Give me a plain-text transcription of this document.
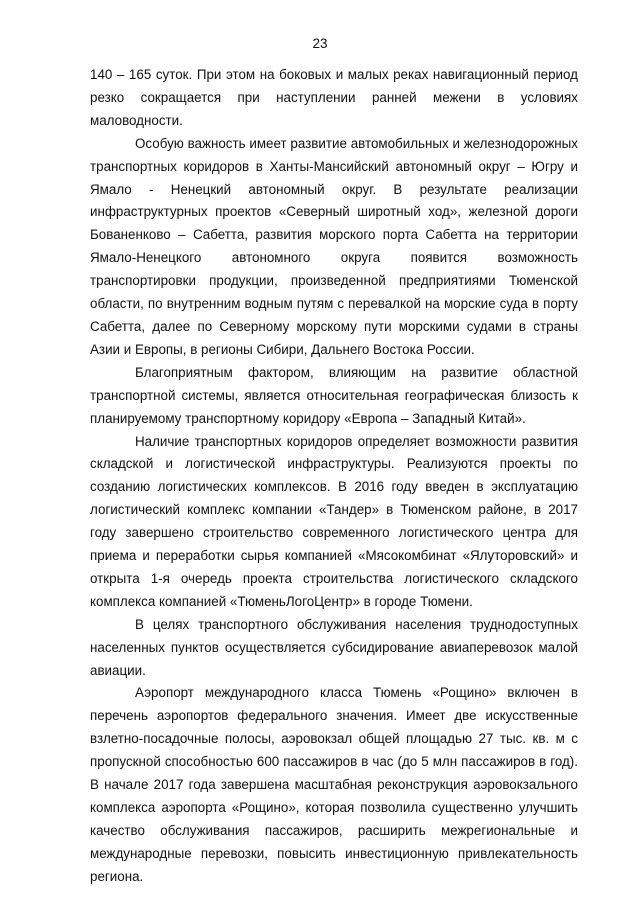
23

140 – 165 суток. При этом на боковых и малых реках навигационный период резко сокращается при наступлении ранней межени в условиях маловодности.

Особую важность имеет развитие автомобильных и железнодорожных транспортных коридоров в Ханты-Мансийский автономный округ – Югру и Ямало - Ненецкий автономный округ. В результате реализации инфраструктурных проектов «Северный широтный ход», железной дороги Бованенково – Сабетта, развития морского порта Сабетта на территории Ямало-Ненецкого автономного округа появится возможность транспортировки продукции, произведенной предприятиями Тюменской области, по внутренним водным путям с перевалкой на морские суда в порту Сабетта, далее по Северному морскому пути морскими судами в страны Азии и Европы, в регионы Сибири, Дальнего Востока России.

Благоприятным фактором, влияющим на развитие областной транспортной системы, является относительная географическая близость к планируемому транспортному коридору «Европа – Западный Китай».

Наличие транспортных коридоров определяет возможности развития складской и логистической инфраструктуры. Реализуются проекты по созданию логистических комплексов. В 2016 году введен в эксплуатацию логистический комплекс компании «Тандер» в Тюменском районе, в 2017 году завершено строительство современного логистического центра для приема и переработки сырья компанией «Мясокомбинат «Ялуторовский» и открыта 1-я очередь проекта строительства логистического складского комплекса компанией «ТюменьЛогоЦентр» в городе Тюмени.

В целях транспортного обслуживания населения труднодоступных населенных пунктов осуществляется субсидирование авиаперевозок малой авиации.

Аэропорт международного класса Тюмень «Рощино» включен в перечень аэропортов федерального значения. Имеет две искусственные взлетно-посадочные полосы, аэровокзал общей площадью 27 тыс. кв. м с пропускной способностью 600 пассажиров в час (до 5 млн пассажиров в год). В начале 2017 года завершена масштабная реконструкция аэровокзального комплекса аэропорта «Рощино», которая позволила существенно улучшить качество обслуживания пассажиров, расширить межрегиональные и международные перевозки, повысить инвестиционную привлекательность региона.
